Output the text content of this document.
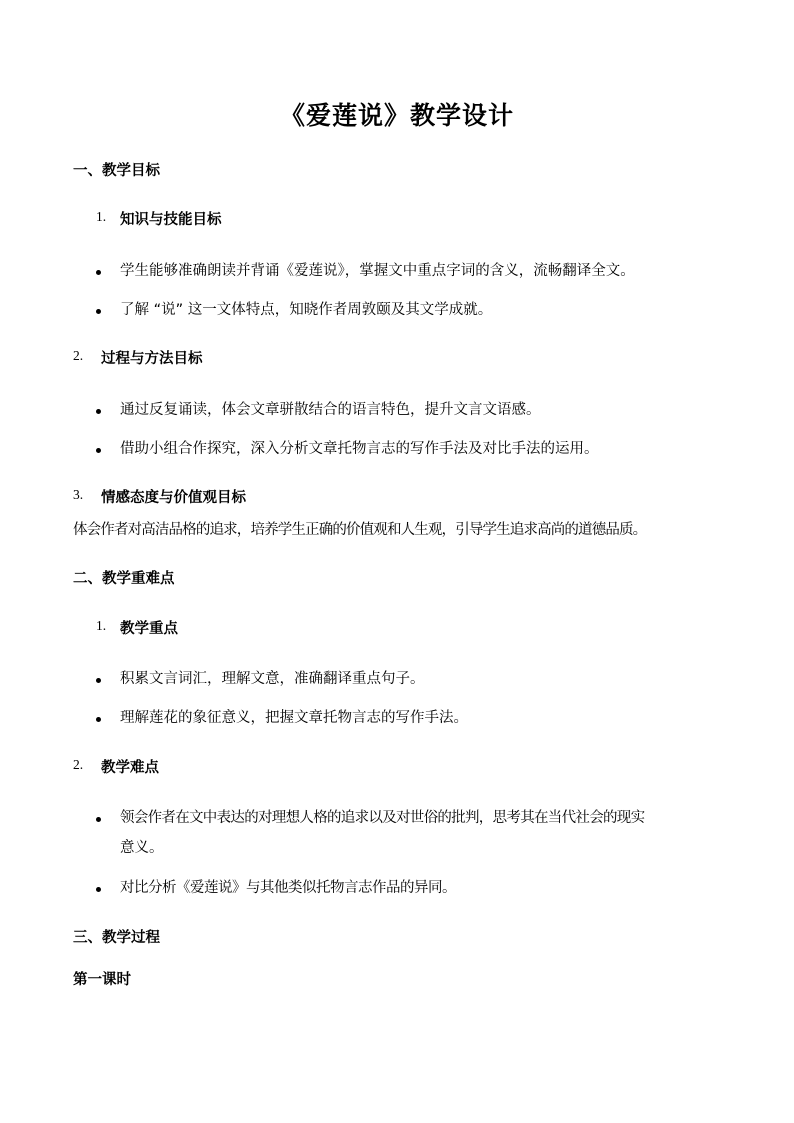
《爱莲说》教学设计
一、教学目标
1. 知识与技能目标
学生能够准确朗读并背诵《爱莲说》，掌握文中重点字词的含义，流畅翻译全文。
了解 “说” 这一文体特点，知晓作者周敦颐及其文学成就。
2. 过程与方法目标
通过反复诵读，体会文章骈散结合的语言特色，提升文言文语感。
借助小组合作探究，深入分析文章托物言志的写作手法及对比手法的运用。
3. 情感态度与价值观目标
体会作者对高洁品格的追求，培养学生正确的价值观和人生观，引导学生追求高尚的道德品质。
二、教学重难点
1. 教学重点
积累文言词汇，理解文意，准确翻译重点句子。
理解莲花的象征意义，把握文章托物言志的写作手法。
2. 教学难点
领会作者在文中表达的对理想人格的追求以及对世俗的批判，思考其在当代社会的现实
意义。
对比分析《爱莲说》与其他类似托物言志作品的异同。
三、教学过程
第一课时
